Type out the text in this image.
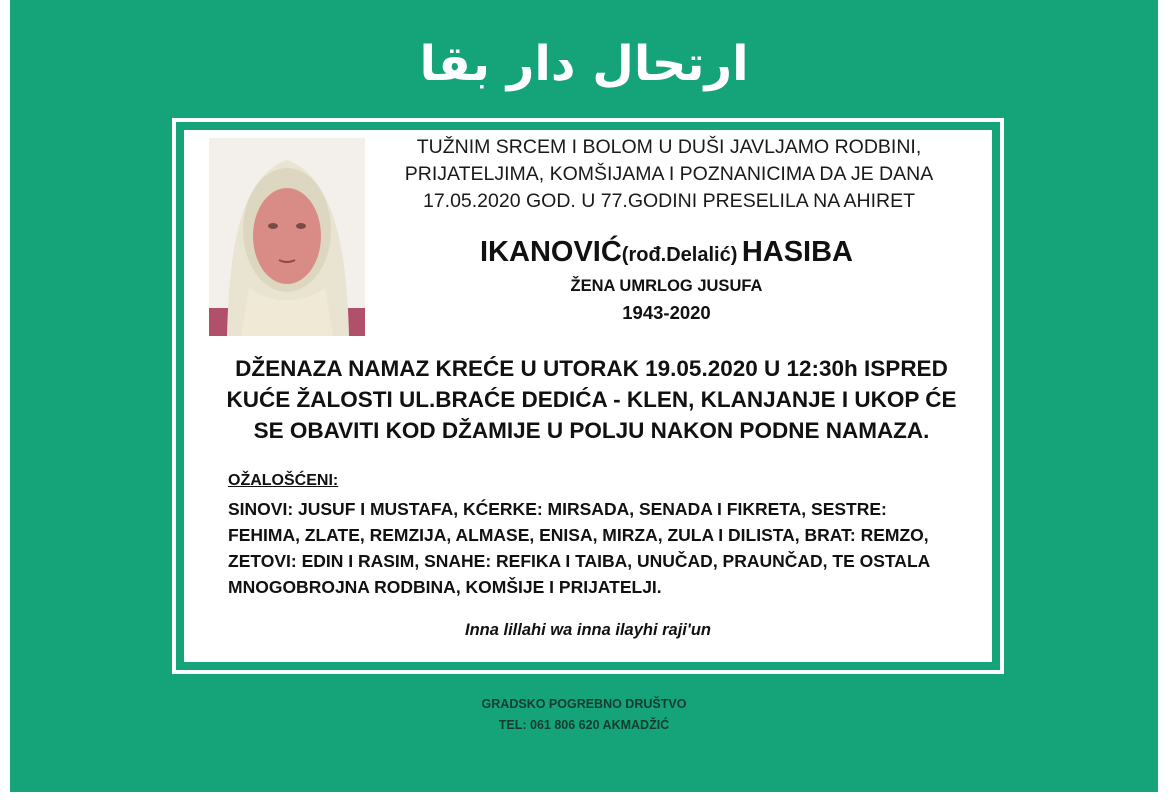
ارتحال دار بقا
TUŽNIM SRCEM I BOLOM U DUŠI JAVLJAMO RODBINI, PRIJATELJIMA, KOMŠIJAMA I POZNANICIMA DA JE DANA 17.05.2020 GOD. U 77.GODINI PRESELILA NA AHIRET
IKANOVIĆ(rođ.Delalić) HASIBA
ŽENA UMRLOG JUSUFA
1943-2020
DŽENAZA NAMAZ KREĆE U UTORAK 19.05.2020 U 12:30h ISPRED KUĆE ŽALOSTI UL.BRAĆE DEDIĆA - KLEN, KLANJANJE I UKOP ĆE SE OBAVITI KOD DŽAMIJE U POLJU NAKON PODNE NAMAZA.
OŽALOŠĆENI:
SINOVI: JUSUF I MUSTAFA, KĆERKE: MIRSADA, SENADA I FIKRETA, SESTRE: FEHIMA, ZLATE, REMZIJA, ALMASE, ENISA, MIRZA, ZULA I DILISTA, BRAT: REMZO, ZETOVI: EDIN I RASIM, SNAHE: REFIKA I TAIBA, UNUČAD, PRAUNČAD, TE OSTALA MNOGOBROJNA RODBINA, KOMŠIJE I PRIJATELJI.
Inna lillahi wa inna ilayhi raji'un
GRADSKO POGREBNO DRUŠTVO
TEL: 061 806 620 AKMADŽIĆ
